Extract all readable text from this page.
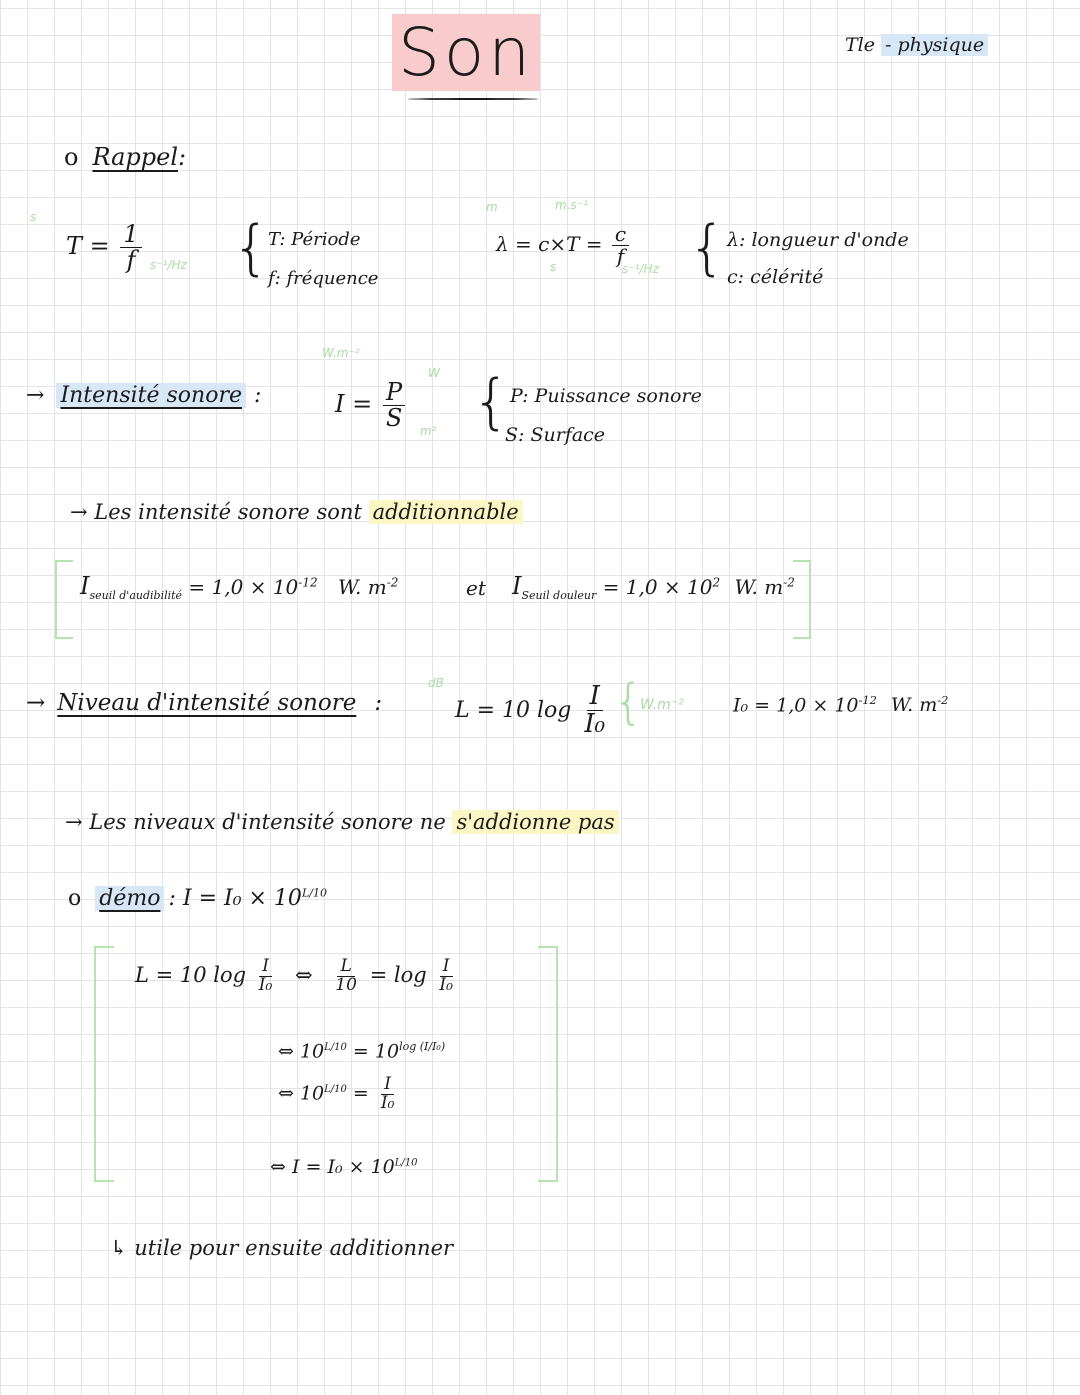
Son	Tle - physique
o Rappel:
s
$T = \frac{1}{f} s^{-1}/Hz$ {
T: Période
f: fréquence
m	m.s⁻¹
$\lambda = c\times T = \frac{c}{f}$
s	s⁻¹/Hz { λ: longueur d'onde
c: célérité
W.m⁻²
→ Intensité sonore :	$I = \frac{P}{S}$
W
m² { P: Puissance sonore
S: Surface
→ Les intensité sonore sont additionnable
$I_{seuil d'audibilité} = 1,0 \times 10^{-12}$ W. $m^{-2}$	et $I_{Seuil douleur} = 1,0 \times 10^2$ W. $m^{-2}$
→ Niveau d'intensité sonore :
dB
L = 10 $\log \frac{I}{\text{I₀}}$ {
W.m⁻²	$I_0 = 1,0 \times 10^{-12}$ W. $m^{-2}$
→ Les niveaux d'intensité sonore ne s'addionne pas
o démo : $I = I_0 \times 10^{L/10}$
L = 10 $\log \frac{I}{\text{I₀}}$ ⇔ $\frac{L}{10} = \log \frac{I}{\text{I₀}}$
⇔ $10^{L/10} = 10^{log (I/I_0)}$
⇔ $10^{L/10} = \frac{I}{\text{I₀}}$
⇔ $I = I_0 \times 10^{L/10}$
↳ utile pour ensuite additionner
